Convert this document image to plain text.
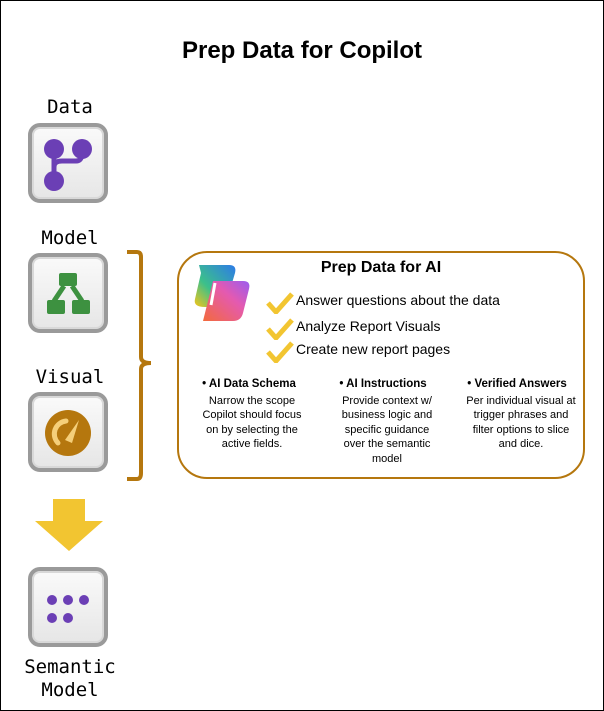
Prep Data for Copilot
Data
Model
Visual
Semantic
Model
Prep Data for AI
Answer questions about the data
Analyze Report Visuals
Create new report pages
• AI Data Schema
Narrow the scope Copilot should focus on by selecting the active fields.
• AI Instructions
Provide context w/ business logic and specific guidance over the semantic model
• Verified Answers
Per individual visual at trigger phrases and filter options to slice and dice.
